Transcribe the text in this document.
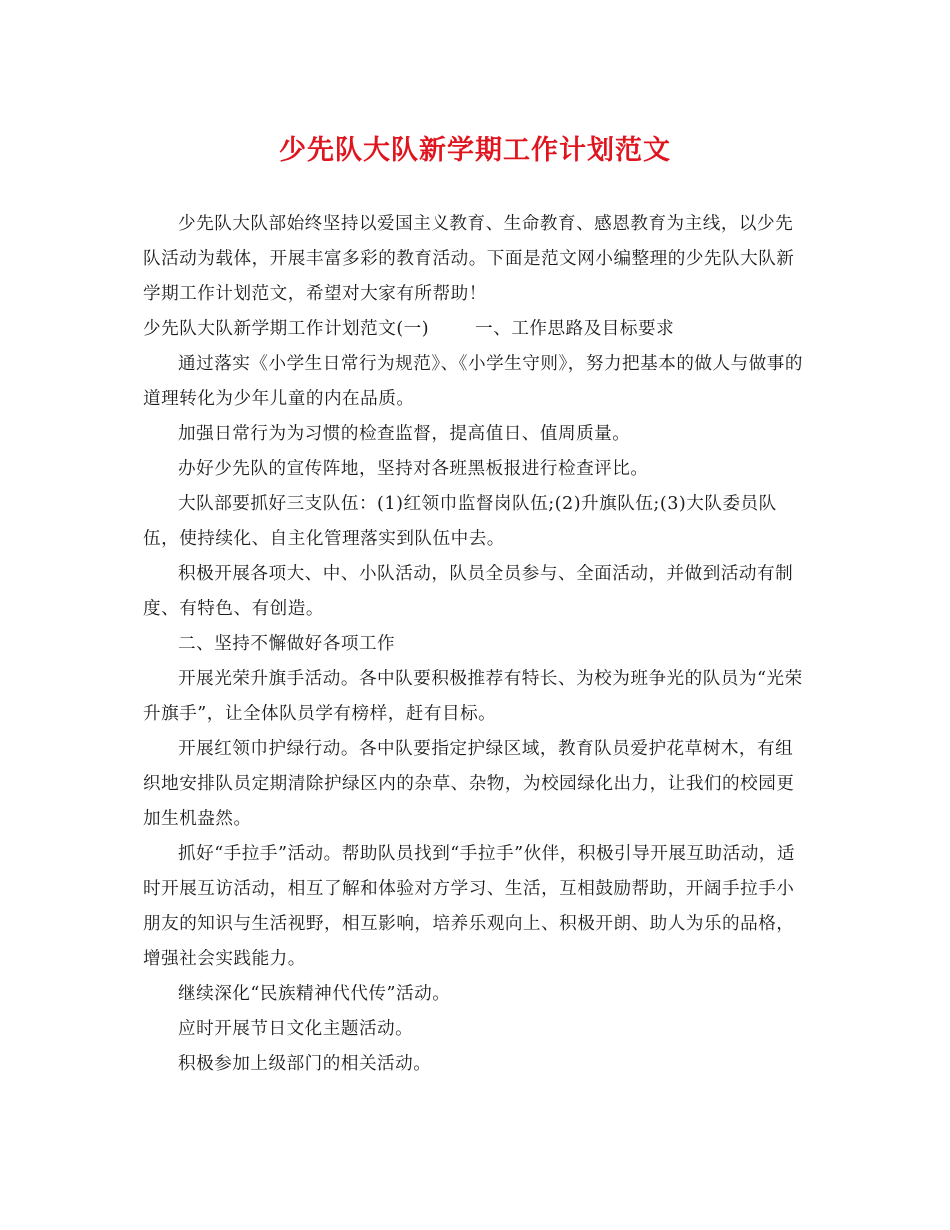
少先队大队新学期工作计划范文

少先队大队部始终坚持以爱国主义教育、生命教育、感恩教育为主线，以少先队活动为载体，开展丰富多彩的教育活动。下面是范文网小编整理的少先队大队新学期工作计划范文，希望对大家有所帮助！

少先队大队新学期工作计划范文(一)	一、工作思路及目标要求

通过落实《小学生日常行为规范》、《小学生守则》，努力把基本的做人与做事的道理转化为少年儿童的内在品质。

加强日常行为为习惯的检查监督，提高值日、值周质量。

办好少先队的宣传阵地，坚持对各班黑板报进行检查评比。

大队部要抓好三支队伍：(1)红领巾监督岗队伍;(2)升旗队伍;(3)大队委员队伍，使持续化、自主化管理落实到队伍中去。

积极开展各项大、中、小队活动，队员全员参与、全面活动，并做到活动有制度、有特色、有创造。

二、坚持不懈做好各项工作

开展光荣升旗手活动。各中队要积极推荐有特长、为校为班争光的队员为“光荣升旗手”，让全体队员学有榜样，赶有目标。

开展红领巾护绿行动。各中队要指定护绿区域，教育队员爱护花草树木，有组织地安排队员定期清除护绿区内的杂草、杂物，为校园绿化出力，让我们的校园更加生机盎然。

抓好“手拉手”活动。帮助队员找到“手拉手”伙伴，积极引导开展互助活动，适时开展互访活动，相互了解和体验对方学习、生活，互相鼓励帮助，开阔手拉手小朋友的知识与生活视野，相互影响，培养乐观向上、积极开朗、助人为乐的品格，增强社会实践能力。

继续深化“民族精神代代传”活动。

应时开展节日文化主题活动。

积极参加上级部门的相关活动。
